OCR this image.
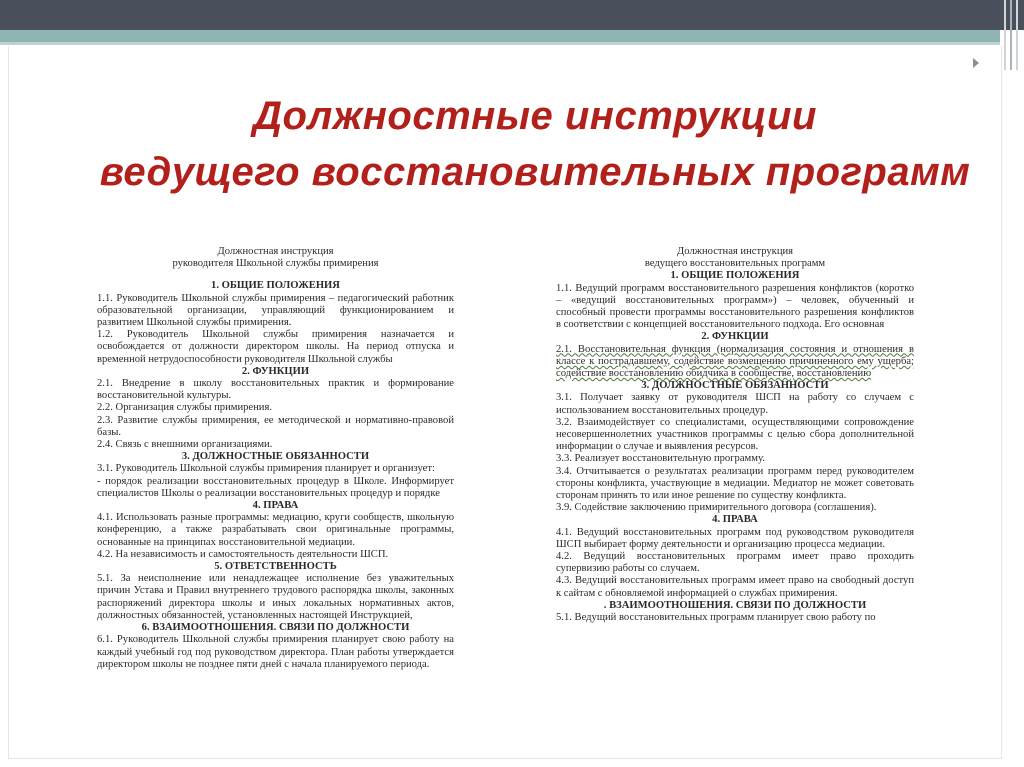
Должностные инструкции
ведущего восстановительных программ
Должностная инструкция
руководителя Школьной службы примирения
1. ОБЩИЕ ПОЛОЖЕНИЯ
1.1. Руководитель Школьной службы примирения – педагогический работник образовательной организации, управляющий функционированием и развитием Школьной службы примирения.
1.2. Руководитель Школьной службы примирения назначается и освобождается от должности директором школы. На период отпуска и временной нетрудоспособности руководителя Школьной службы
2. ФУНКЦИИ
2.1. Внедрение в школу восстановительных практик и формирование восстановительной культуры.
2.2. Организация службы примирения.
2.3. Развитие службы примирения, ее методической и нормативно-правовой базы.
2.4. Связь с внешними организациями.
3. ДОЛЖНОСТНЫЕ ОБЯЗАННОСТИ
3.1. Руководитель Школьной службы примирения планирует и организует:
- порядок реализации восстановительных процедур в Школе. Информирует специалистов Школы о реализации восстановительных процедур и порядке
4. ПРАВА
4.1. Использовать разные программы: медиацию, круги сообществ, школьную конференцию, а также разрабатывать свои оригинальные программы, основанные на принципах восстановительной медиации.
4.2. На независимость и самостоятельность деятельности ШСП.
5. ОТВЕТСТВЕННОСТЬ
5.1. За неисполнение или ненадлежащее исполнение без уважительных причин Устава и Правил внутреннего трудового распорядка школы, законных распоряжений директора школы и иных локальных нормативных актов, должностных обязанностей, установленных настоящей Инструкцией,
6. ВЗАИМООТНОШЕНИЯ. СВЯЗИ ПО ДОЛЖНОСТИ
6.1. Руководитель Школьной службы примирения планирует свою работу на каждый учебный год под руководством директора. План работы утверждается директором школы не позднее пяти дней с начала планируемого периода.
Должностная инструкция
ведущего восстановительных программ
1. ОБЩИЕ ПОЛОЖЕНИЯ
1.1. Ведущий программ восстановительного разрешения конфликтов (коротко – «ведущий восстановительных программ») – человек, обученный и способный провести программы восстановительного разрешения конфликтов в соответствии с концепцией восстановительного подхода. Его основная
2. ФУНКЦИИ
2.1. Восстановительная функция (нормализация состояния и отношения в классе к пострадавшему, содействие возмещению причиненного ему ущерба; содействие восстановлению обидчика в сообществе, восстановлению
3. ДОЛЖНОСТНЫЕ ОБЯЗАННОСТИ
3.1. Получает заявку от руководителя ШСП на работу со случаем с использованием восстановительных процедур.
3.2. Взаимодействует со специалистами, осуществляющими сопровождение несовершеннолетних участников программы с целью сбора дополнительной информации о случае и выявления ресурсов.
3.3. Реализует восстановительную программу.
3.4. Отчитывается о результатах реализации программ перед руководителем стороны конфликта, участвующие в медиации. Медиатор не может советовать сторонам принять то или иное решение по существу конфликта.
3.9. Содействие заключению примирительного договора (соглашения).
4. ПРАВА
4.1. Ведущий восстановительных программ под руководством руководителя ШСП выбирает форму деятельности и организацию процесса медиации.
4.2. Ведущий восстановительных программ имеет право проходить супервизию работы со случаем.
4.3. Ведущий восстановительных программ имеет право на свободный доступ к сайтам с обновляемой информацией о службах примирения.
. ВЗАИМООТНОШЕНИЯ. СВЯЗИ ПО ДОЛЖНОСТИ
5.1. Ведущий восстановительных программ планирует свою работу по
